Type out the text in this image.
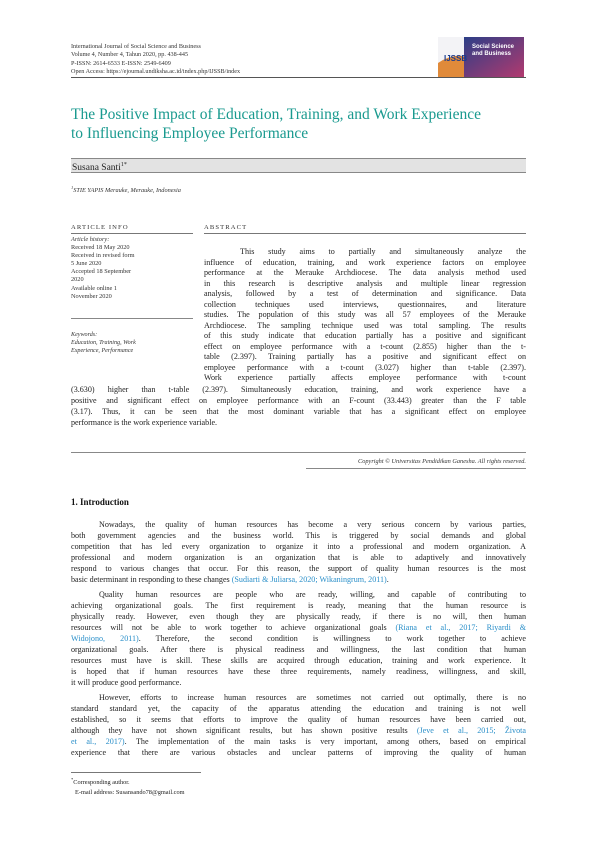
International Journal of Social Science and Business
Volume 4, Number 4, Tahun 2020, pp. 438-445
P-ISSN: 2614-6533 E-ISSN: 2549-6409
Open Access: https://ejournal.undiksha.ac.id/index.php/IJSSB/index
Social Science
and Business
IJSSB
The Positive Impact of Education, Training, and Work Experience
to Influencing Employee Performance
Susana Santi$^{1*}$
$^1$STIE YAPIS Merauke, Merauke, Indonesia
ARTICLE INFO
Article history:
Received 18 May 2020
Received in revised form
5 June 2020
Accepted 18 September
2020
Available online 1
November 2020
Keywords:
Education, Training, Work
Experience, Performance
ABSTRACT
This study aims to partially and simultaneously analyze the
influence of education, training, and work experience factors on employee
performance at the Merauke Archdiocese. The data analysis method used
in this research is descriptive analysis and multiple linear regression
analysis, followed by a test of determination and significance. Data
collection techniques used interviews, questionnaires, and literature
studies. The population of this study was all 57 employees of the Merauke
Archdiocese. The sampling technique used was total sampling. The results
of this study indicate that education partially has a positive and significant
effect on employee performance with a t-count (2.855) higher than the t-
table (2.397). Training partially has a positive and significant effect on
employee performance with a t-count (3.027) higher than t-table (2.397).
Work experience partially affects employee performance with t-count
(3.630) higher than t-table (2.397). Simultaneously education, training, and work experience have a
positive and significant effect on employee performance with an F-count (33.443) greater than the F table
(3.17). Thus, it can be seen that the most dominant variable that has a significant effect on employee
performance is the work experience variable.
Copyright © Universitas Pendidikan Ganesha. All rights reserved.
1. Introduction
Nowadays, the quality of human resources has become a very serious concern by various parties,
both government agencies and the business world. This is triggered by social demands and global
competition that has led every organization to organize it into a professional and modern organization. A
professional and modern organization is an organization that is able to adaptively and innovatively
respond to various changes that occur. For this reason, the support of quality human resources is the most
basic determinant in responding to these changes (Sudiarti & Juliarsa, 2020; Wikaningrum, 2011).
Quality human resources are people who are ready, willing, and capable of contributing to
achieving organizational goals. The first requirement is ready, meaning that the human resource is
physically ready. However, even though they are physically ready, if there is no will, then human
resources will not be able to work together to achieve organizational goals (Riana et al., 2017; Riyardi &
Widojono, 2011). Therefore, the second condition is willingness to work together to achieve
organizational goals. After there is physical readiness and willingness, the last condition that human
resources must have is skill. These skills are acquired through education, training and work experience. It
is hoped that if human resources have these three requirements, namely readiness, willingness, and skill,
it will produce good performance.
However, efforts to increase human resources are sometimes not carried out optimally, there is no
standard standard yet, the capacity of the apparatus attending the education and training is not well
established, so it seems that efforts to improve the quality of human resources have been carried out,
although they have not shown significant results, but has shown positive results (Jeve et al., 2015; Života
et al., 2017). The implementation of the main tasks is very important, among others, based on empirical
experience that there are various obstacles and unclear patterns of improving the quality of human
*Corresponding author.
E-mail address: Susansando78@gmail.com
